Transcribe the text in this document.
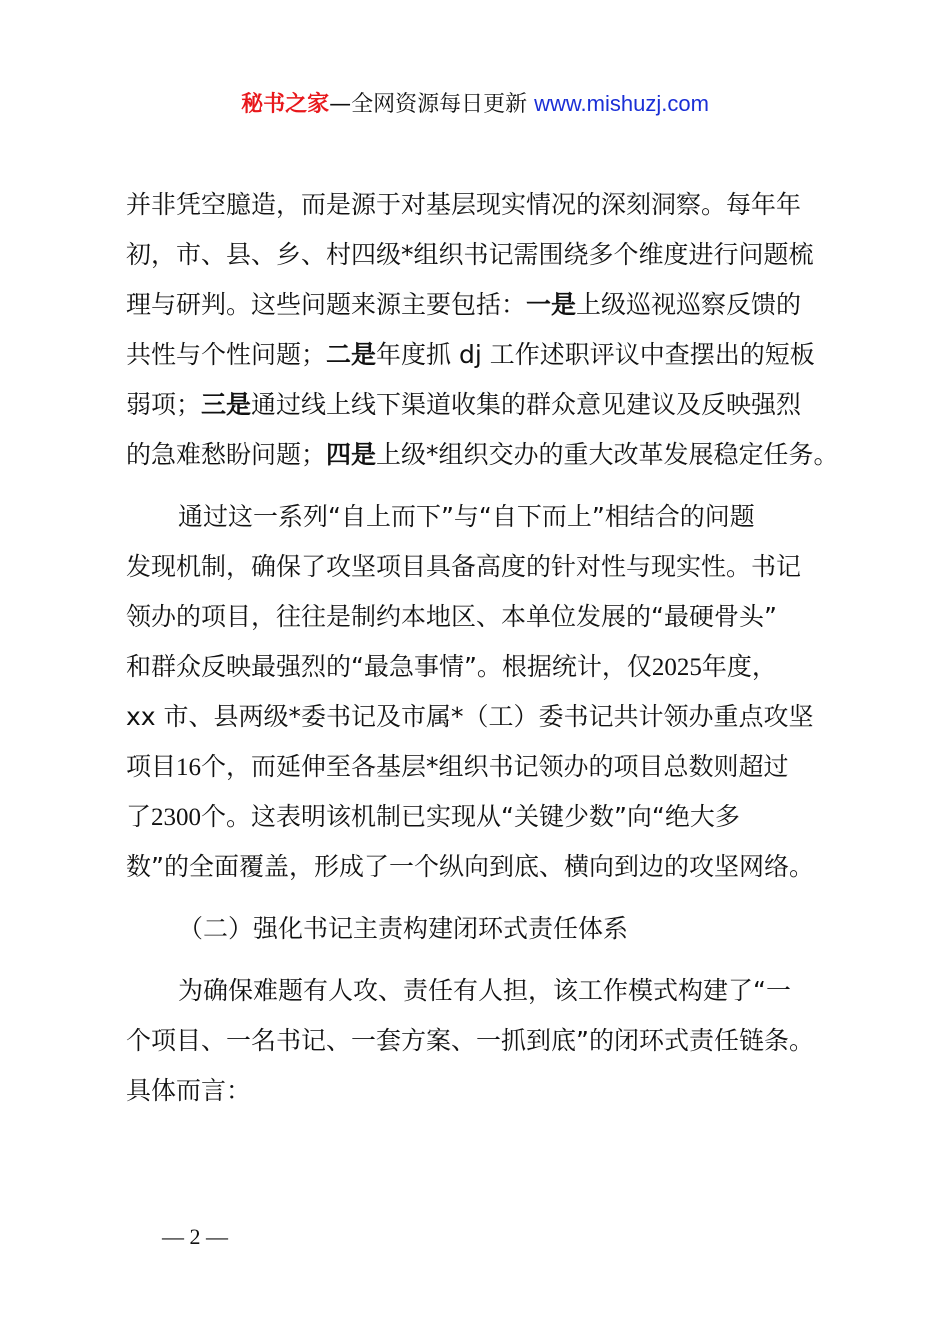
秘书之家—全网资源每日更新 www.mishuzj.com
并非凭空臆造，而是源于对基层现实情况的深刻洞察。每年年
初，市、县、乡、村四级*组织书记需围绕多个维度进行问题梳
理与研判。这些问题来源主要包括：一是上级巡视巡察反馈的
共性与个性问题；二是年度抓 dj 工作述职评议中查摆出的短板
弱项；三是通过线上线下渠道收集的群众意见建议及反映强烈
的急难愁盼问题；四是上级*组织交办的重大改革发展稳定任务。
通过这一系列“自上而下”与“自下而上”相结合的问题
发现机制，确保了攻坚项目具备高度的针对性与现实性。书记
领办的项目，往往是制约本地区、本单位发展的“最硬骨头”
和群众反映最强烈的“最急事情”。根据统计，仅2025年度，
xx 市、县两级*委书记及市属*（工）委书记共计领办重点攻坚
项目16个，而延伸至各基层*组织书记领办的项目总数则超过
了2300个。这表明该机制已实现从“关键少数”向“绝大多
数”的全面覆盖，形成了一个纵向到底、横向到边的攻坚网络。
（二）强化书记主责构建闭环式责任体系
为确保难题有人攻、责任有人担，该工作模式构建了“一
个项目、一名书记、一套方案、一抓到底”的闭环式责任链条。
具体而言：
— 2 —
